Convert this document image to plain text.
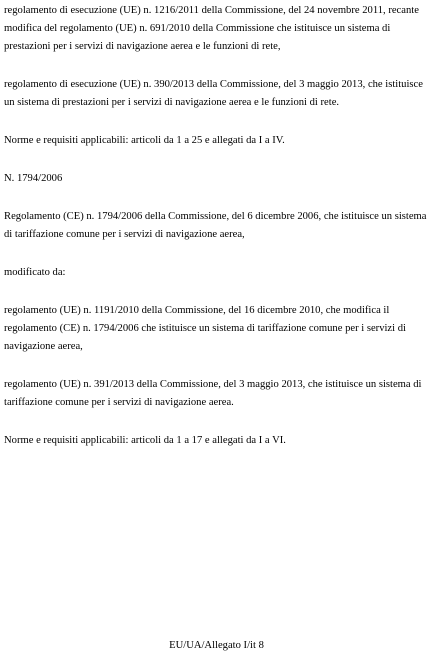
regolamento di esecuzione (UE) n. 1216/2011 della Commissione, del 24 novembre 2011, recante modifica del regolamento (UE) n. 691/2010 della Commissione che istituisce un sistema di prestazioni per i servizi di navigazione aerea e le funzioni di rete,

regolamento di esecuzione (UE) n. 390/2013 della Commissione, del 3 maggio 2013, che istituisce un sistema di prestazioni per i servizi di navigazione aerea e le funzioni di rete.

Norme e requisiti applicabili: articoli da 1 a 25 e allegati da I a IV.

N. 1794/2006

Regolamento (CE) n. 1794/2006 della Commissione, del 6 dicembre 2006, che istituisce un sistema di tariffazione comune per i servizi di navigazione aerea,

modificato da:

regolamento (UE) n. 1191/2010 della Commissione, del 16 dicembre 2010, che modifica il regolamento (CE) n. 1794/2006 che istituisce un sistema di tariffazione comune per i servizi di navigazione aerea,

regolamento (UE) n. 391/2013 della Commissione, del 3 maggio 2013, che istituisce un sistema di tariffazione comune per i servizi di navigazione aerea.

Norme e requisiti applicabili: articoli da 1 a 17 e allegati da I a VI.

EU/UA/Allegato I/it 8
